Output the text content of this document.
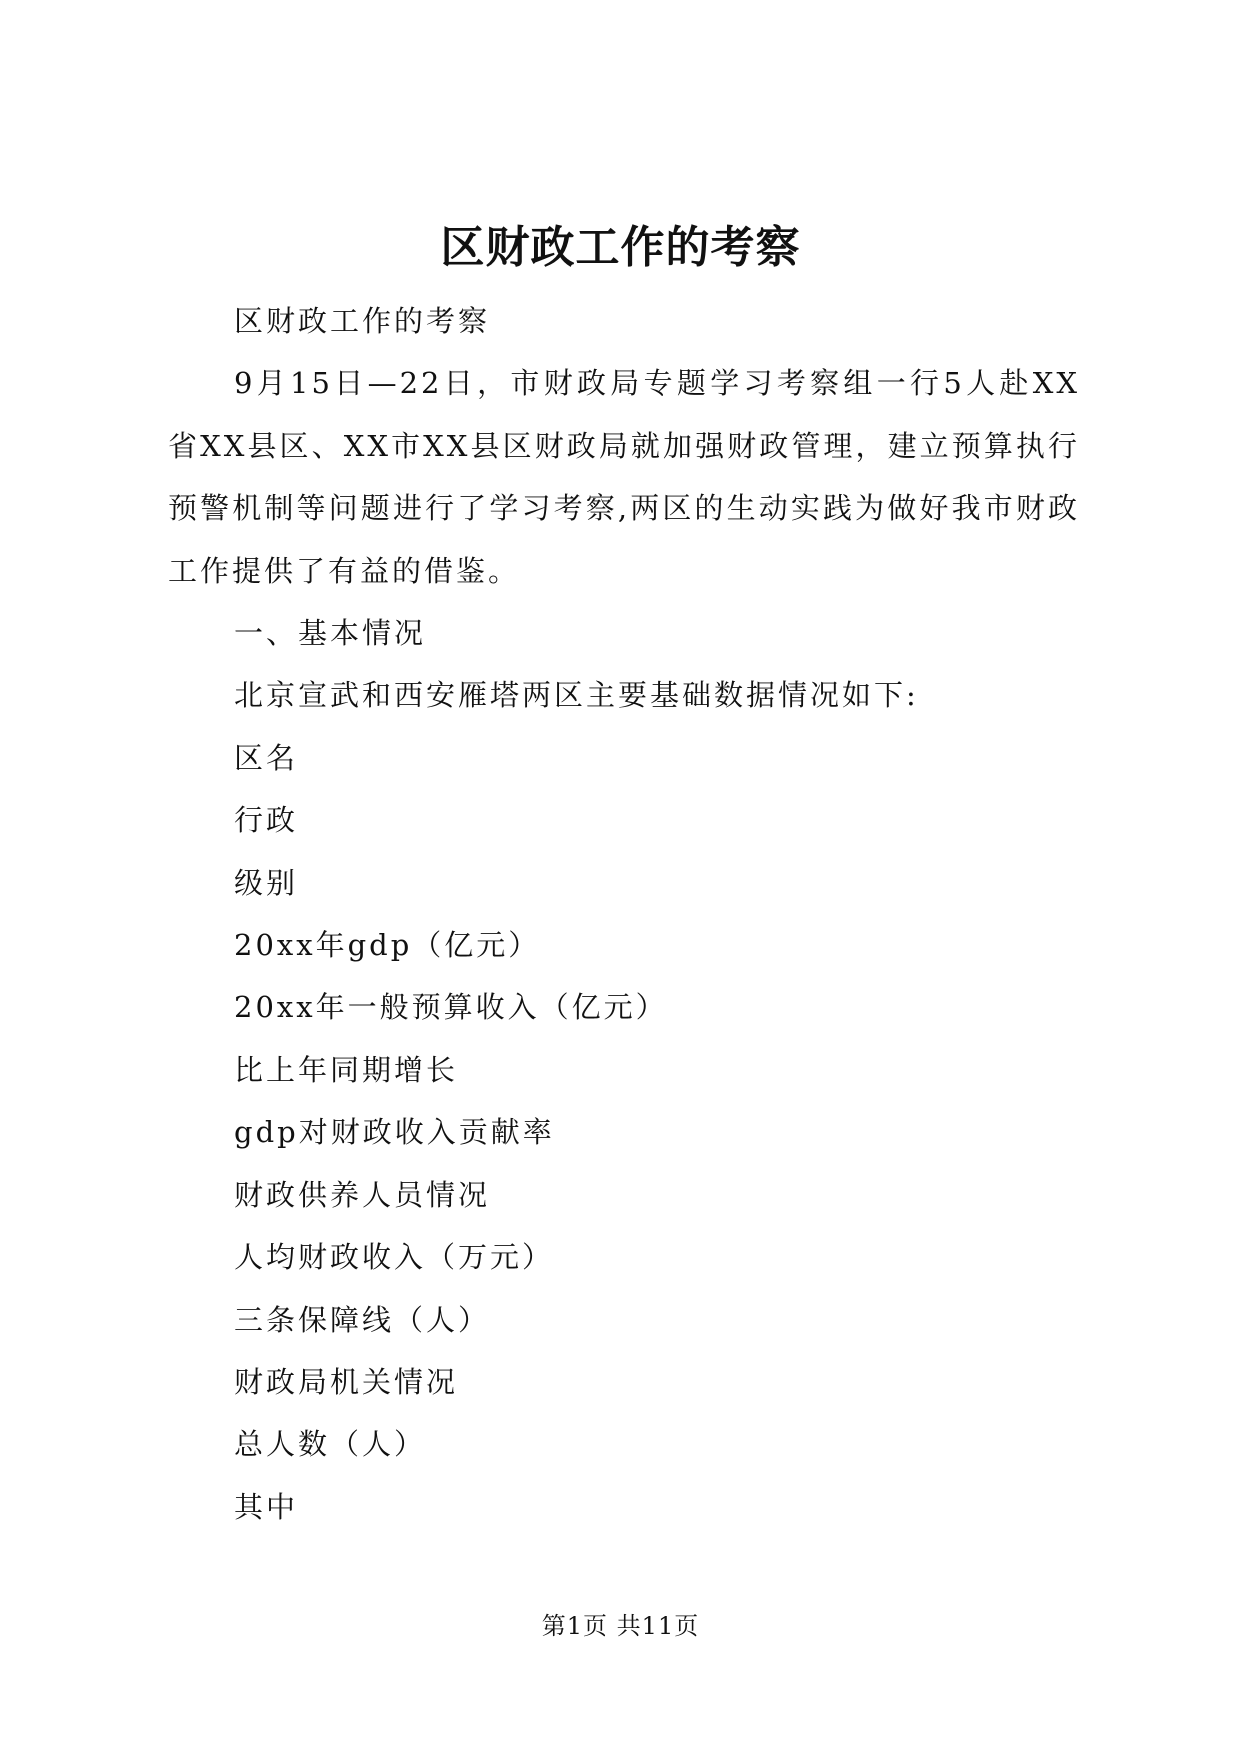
区财政工作的考察

区财政工作的考察

9月15日—22日，市财政局专题学习考察组一行5人赴XX省XX县区、XX市XX县区财政局就加强财政管理，建立预算执行预警机制等问题进行了学习考察,两区的生动实践为做好我市财政工作提供了有益的借鉴。

一、基本情况

北京宣武和西安雁塔两区主要基础数据情况如下:

区名

行政

级别

20xx年gdp（亿元）

20xx年一般预算收入（亿元）

比上年同期增长

gdp对财政收入贡献率

财政供养人员情况

人均财政收入（万元）

三条保障线（人）

财政局机关情况

总人数（人）

其中

第1页 共11页
